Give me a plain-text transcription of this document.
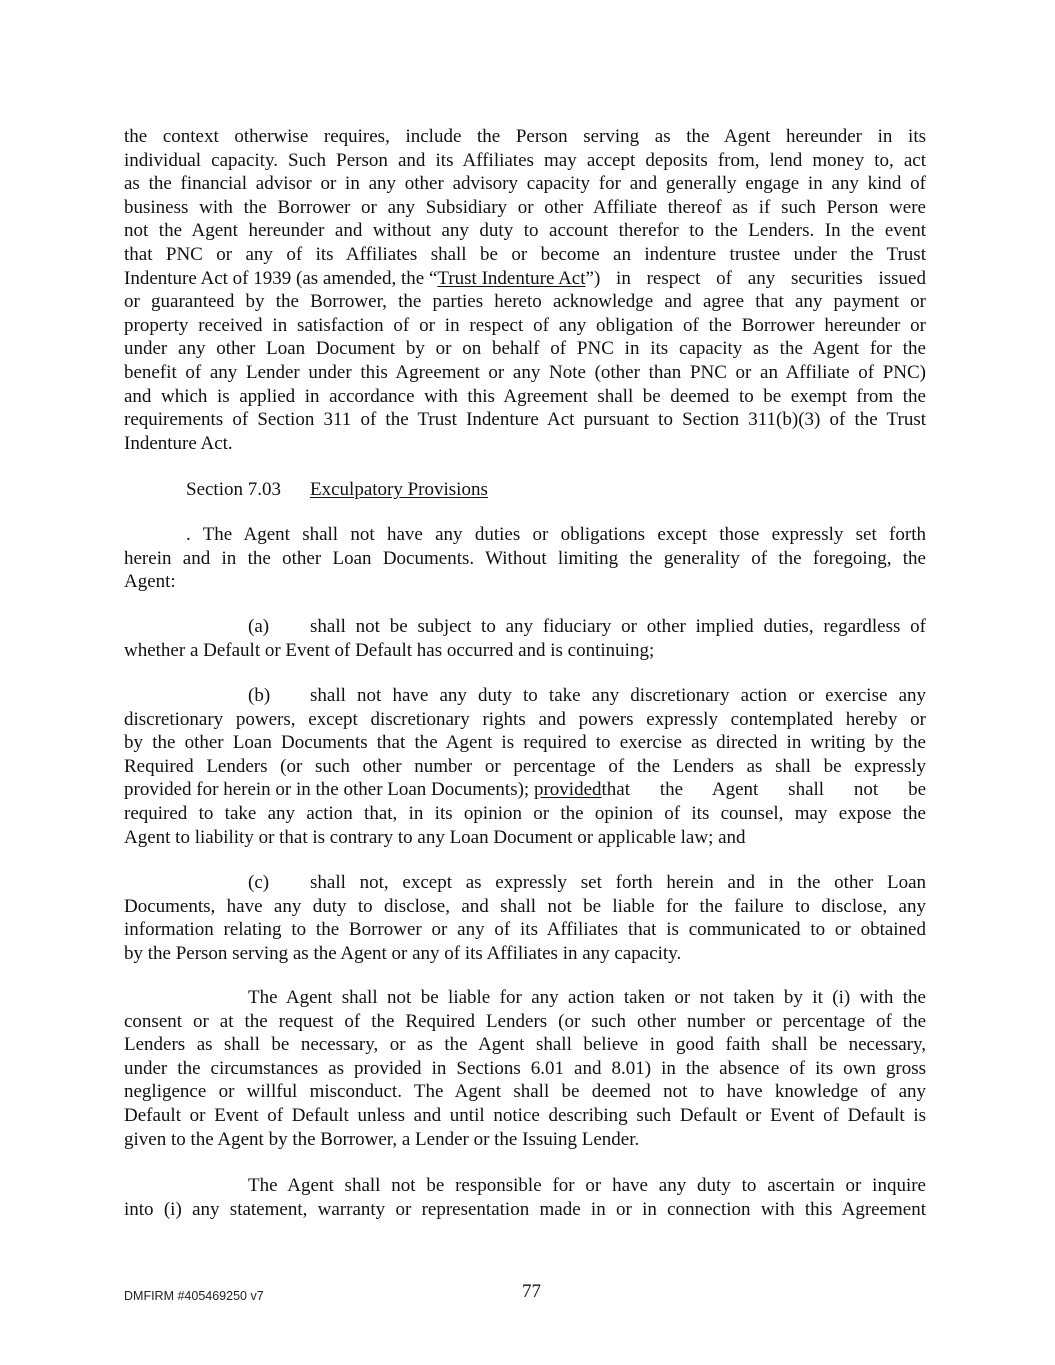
the context otherwise requires, include the Person serving as the Agent hereunder in its
individual capacity. Such Person and its Affiliates may accept deposits from, lend money to, act
as the financial advisor or in any other advisory capacity for and generally engage in any kind of
business with the Borrower or any Subsidiary or other Affiliate thereof as if such Person were
not the Agent hereunder and without any duty to account therefor to the Lenders. In the event
that PNC or any of its Affiliates shall be or become an indenture trustee under the Trust
Indenture Act of 1939 (as amended, the “ Trust Indenture Act ”) in respect of any securities issued
or guaranteed by the Borrower, the parties hereto acknowledge and agree that any payment or
property received in satisfaction of or in respect of any obligation of the Borrower hereunder or
under any other Loan Document by or on behalf of PNC in its capacity as the Agent for the
benefit of any Lender under this Agreement or any Note (other than PNC or an Affiliate of PNC)
and which is applied in accordance with this Agreement shall be deemed to be exempt from the
requirements of Section 311 of the Trust Indenture Act pursuant to Section 311(b)(3) of the Trust
Indenture Act.
Section 7.03 Exculpatory Provisions
. The Agent shall not have any duties or obligations except those expressly set forth
herein and in the other Loan Documents. Without limiting the generality of the foregoing, the
Agent:
(a)	shall not be subject to any fiduciary or other implied duties, regardless of
whether a Default or Event of Default has occurred and is continuing;
(b)	shall not have any duty to take any discretionary action or exercise any
discretionary powers, except discretionary rights and powers expressly contemplated hereby or
by the other Loan Documents that the Agent is required to exercise as directed in writing by the
Required Lenders (or such other number or percentage of the Lenders as shall be expressly
provided for herein or in the other Loan Documents); provided that the Agent shall not be
required to take any action that, in its opinion or the opinion of its counsel, may expose the
Agent to liability or that is contrary to any Loan Document or applicable law; and
(c)	shall not, except as expressly set forth herein and in the other Loan
Documents, have any duty to disclose, and shall not be liable for the failure to disclose, any
information relating to the Borrower or any of its Affiliates that is communicated to or obtained
by the Person serving as the Agent or any of its Affiliates in any capacity.
The Agent shall not be liable for any action taken or not taken by it (i) with the
consent or at the request of the Required Lenders (or such other number or percentage of the
Lenders as shall be necessary, or as the Agent shall believe in good faith shall be necessary,
under the circumstances as provided in Sections 6.01 and 8.01) in the absence of its own gross
negligence or willful misconduct. The Agent shall be deemed not to have knowledge of any
Default or Event of Default unless and until notice describing such Default or Event of Default is
given to the Agent by the Borrower, a Lender or the Issuing Lender.
The Agent shall not be responsible for or have any duty to ascertain or inquire
into (i) any statement, warranty or representation made in or in connection with this Agreement
DMFIRM #405469250 v7	77
